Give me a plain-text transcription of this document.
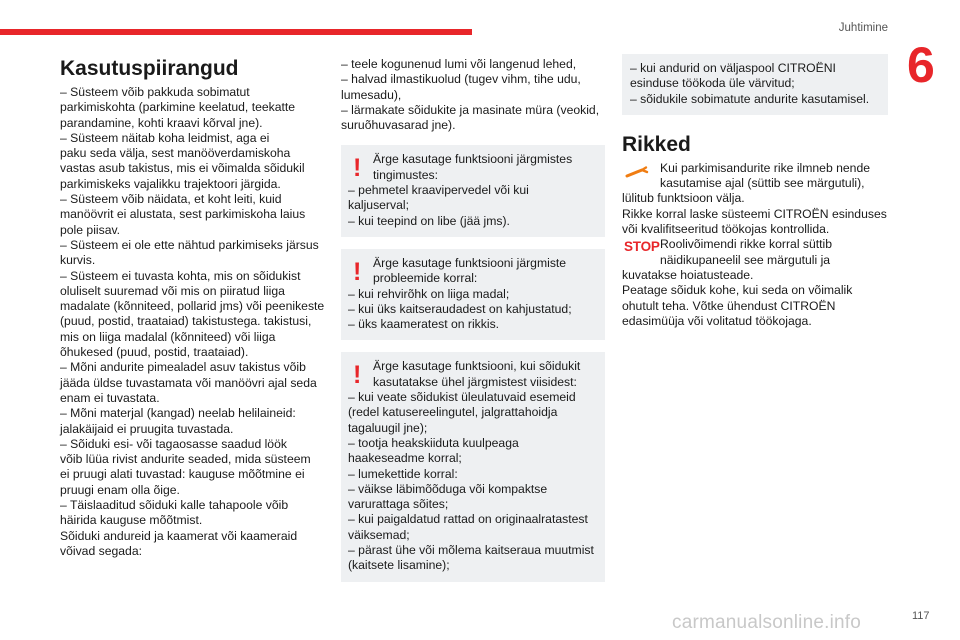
Juhtimine
6
Kasutuspiirangud
– Süsteem võib pakkuda sobimatut
parkimiskohta (parkimine keelatud, teekatte
parandamine, kohti kraavi kõrval jne).
– Süsteem näitab koha leidmist, aga ei
paku seda välja, sest manööverdamiskoha
vastas asub takistus, mis ei võimalda sõidukil
parkimiskeks vajalikku trajektoori järgida.
– Süsteem võib näidata, et koht leiti, kuid
manöövrit ei alustata, sest parkimiskoha laius
pole piisav.
– Süsteem ei ole ette nähtud parkimiseks järsus
kurvis.
– Süsteem ei tuvasta kohta, mis on sõidukist
oluliselt suuremad või mis on piiratud liiga
madalate (kõnniteed, pollarid jms) või peenikeste
(puud, postid, traataiad) takistustega. takistusi,
mis on liiga madalal (kõnniteed) või liiga
õhukesed (puud, postid, traataiad).
– Mõni andurite pimealadel asuv takistus võib
jääda üldse tuvastamata või manöövri ajal seda
enam ei tuvastata.
– Mõni materjal (kangad) neelab helilaineid:
jalakäijaid ei pruugita tuvastada.
– Sõiduki esi- või tagaosasse saadud löök
võib lüüa rivist andurite seaded, mida süsteem
ei pruugi alati tuvastad: kauguse mõõtmine ei
pruugi enam olla õige.
– Täislaaditud sõiduki kalle tahapoole võib
häirida kauguse mõõtmist.
Sõiduki andureid ja kaamerat või kaameraid
võivad segada:
– teele kogunenud lumi või langenud lehed,
– halvad ilmastikuolud (tugev vihm, tihe udu,
lumesadu),
– lärmakate sõidukite ja masinate müra (veokid,
suruõhuvasarad jne).
! Ärge kasutage funktsiooni järgmistes
tingimustes:
– pehmetel kraavipervedel või kui
kaljuserval;
– kui teepind on libe (jää jms).
! Ärge kasutage funktsiooni järgmiste
probleemide korral:
– kui rehvirõhk on liiga madal;
– kui üks kaitseraudadest on kahjustatud;
– üks kaameratest on rikkis.
! Ärge kasutage funktsiooni, kui sõidukit
kasutatakse ühel järgmistest viisidest:
– kui veate sõidukist üleulatuvaid esemeid
(redel katusereelingutel, jalgrattahoidja
tagaluugil jne);
– tootja heakskiiduta kuulpeaga
haakeseadme korral;
– lumekettide korral:
– väikse läbimõõduga või kompaktse
varurattaga sõites;
– kui paigaldatud rattad on originaalratastest
väiksemad;
– pärast ühe või mõlema kaitseraua muutmist
(kaitsete lisamine);
– kui andurid on väljaspool CITROËNI
esinduse töökoda üle värvitud;
– sõidukile sobimatute andurite kasutamisel.
Rikked
Kui parkimisandurite rike ilmneb nende
kasutamise ajal (süttib see märgutuli),
lülitub funktsioon välja.
Rikke korral laske süsteemi CITROËN esinduses
või kvalifitseeritud töökojas kontrollida.
STOP Roolivõimendi rikke korral süttib
näidikupaneelil see märgutuli ja
kuvatakse hoiatusteade.
Peatage sõiduk kohe, kui seda on võimalik
ohutult teha. Võtke ühendust CITROËN
edasimüüja või volitatud töökojaga.
carmanualsonline.info	117
